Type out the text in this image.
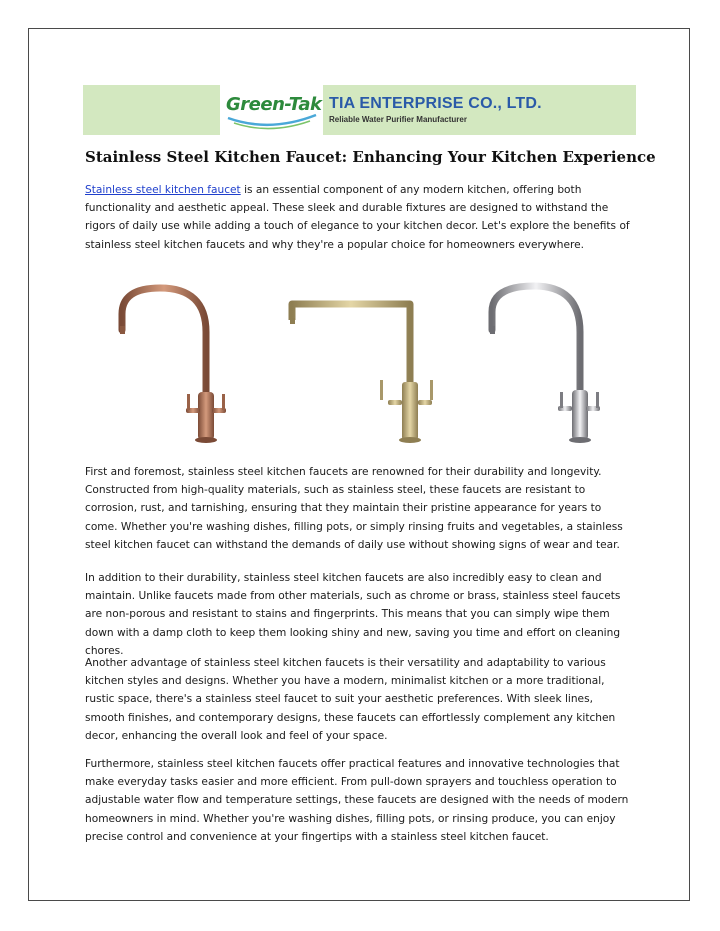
Green-Tak TIA ENTERPRISE CO., LTD.
Reliable Water Purifier Manufacturer
Stainless Steel Kitchen Faucet: Enhancing Your Kitchen Experience

Stainless steel kitchen faucet is an essential component of any modern kitchen, offering both functionality and aesthetic appeal. These sleek and durable fixtures are designed to withstand the rigors of daily use while adding a touch of elegance to your kitchen decor. Let's explore the benefits of stainless steel kitchen faucets and why they're a popular choice for homeowners everywhere.

First and foremost, stainless steel kitchen faucets are renowned for their durability and longevity. Constructed from high-quality materials, such as stainless steel, these faucets are resistant to corrosion, rust, and tarnishing, ensuring that they maintain their pristine appearance for years to come. Whether you're washing dishes, filling pots, or simply rinsing fruits and vegetables, a stainless steel kitchen faucet can withstand the demands of daily use without showing signs of wear and tear.

In addition to their durability, stainless steel kitchen faucets are also incredibly easy to clean and maintain. Unlike faucets made from other materials, such as chrome or brass, stainless steel faucets are non-porous and resistant to stains and fingerprints. This means that you can simply wipe them down with a damp cloth to keep them looking shiny and new, saving you time and effort on cleaning chores.

Another advantage of stainless steel kitchen faucets is their versatility and adaptability to various kitchen styles and designs. Whether you have a modern, minimalist kitchen or a more traditional, rustic space, there's a stainless steel faucet to suit your aesthetic preferences. With sleek lines, smooth finishes, and contemporary designs, these faucets can effortlessly complement any kitchen decor, enhancing the overall look and feel of your space.

Furthermore, stainless steel kitchen faucets offer practical features and innovative technologies that make everyday tasks easier and more efficient. From pull-down sprayers and touchless operation to adjustable water flow and temperature settings, these faucets are designed with the needs of modern homeowners in mind. Whether you're washing dishes, filling pots, or rinsing produce, you can enjoy precise control and convenience at your fingertips with a stainless steel kitchen faucet.
